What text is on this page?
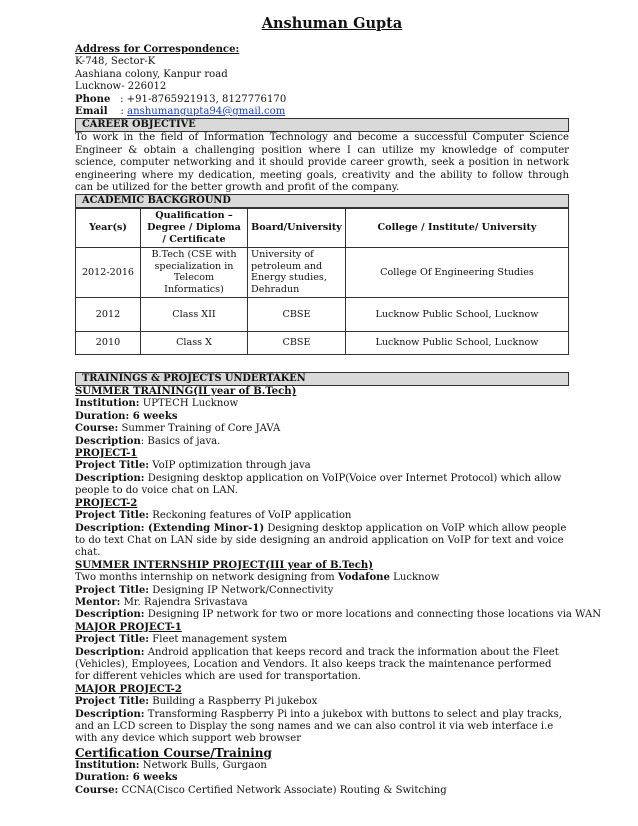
Anshuman Gupta
Address for Correspondence:
K-748, Sector-K
Aashiana colony, Kanpur road
Lucknow- 226012
Phone : +91-8765921913, 8127776170
Email : anshumangupta94@gmail.com
CAREER OBJECTIVE
To work in the field of Information Technology and become a successful Computer Science Engineer & obtain a challenging position where I can utilize my knowledge of computer science, computer networking and it should provide career growth, seek a position in network engineering where my dedication, meeting goals, creativity and the ability to follow through can be utilized for the better growth and profit of the company.
ACADEMIC BACKGROUND
Year(s)	Qualification – Degree / Diploma / Certificate	Board/University	College / Institute/ University
2012-2016	B.Tech (CSE with specialization in Telecom Informatics)	University of petroleum and Energy studies, Dehradun	College Of Engineering Studies
2012	Class XII	CBSE	Lucknow Public School, Lucknow
2010	Class X	CBSE	Lucknow Public School, Lucknow
TRAININGS & PROJECTS UNDERTAKEN
SUMMER TRAINING(II year of B.Tech)
Institution: UPTECH Lucknow
Duration: 6 weeks
Course: Summer Training of Core JAVA
Description: Basics of java.
PROJECT-1
Project Title: VoIP optimization through java
Description: Designing desktop application on VoIP(Voice over Internet Protocol) which allow people to do voice chat on LAN.
PROJECT-2
Project Title: Reckoning features of VoIP application
Description: (Extending Minor-1) Designing desktop application on VoIP which allow people to do text Chat on LAN side by side designing an android application on VoIP for text and voice chat.
SUMMER INTERNSHIP PROJECT(III year of B.Tech)
Two months internship on network designing from Vodafone Lucknow
Project Title: Designing IP Network/Connectivity
Mentor: Mr. Rajendra Srivastava
Description: Designing IP network for two or more locations and connecting those locations via WAN
MAJOR PROJECT-1
Project Title: Fleet management system
Description: Android application that keeps record and track the information about the Fleet (Vehicles), Employees, Location and Vendors. It also keeps track the maintenance performed for different vehicles which are used for transportation.
MAJOR PROJECT-2
Project Title: Building a Raspberry Pi jukebox
Description: Transforming Raspberry Pi into a jukebox with buttons to select and play tracks, and an LCD screen to Display the song names and we can also control it via web interface i.e with any device which support web browser
Certification Course/Training
Institution: Network Bulls, Gurgaon
Duration: 6 weeks
Course: CCNA(Cisco Certified Network Associate) Routing & Switching
